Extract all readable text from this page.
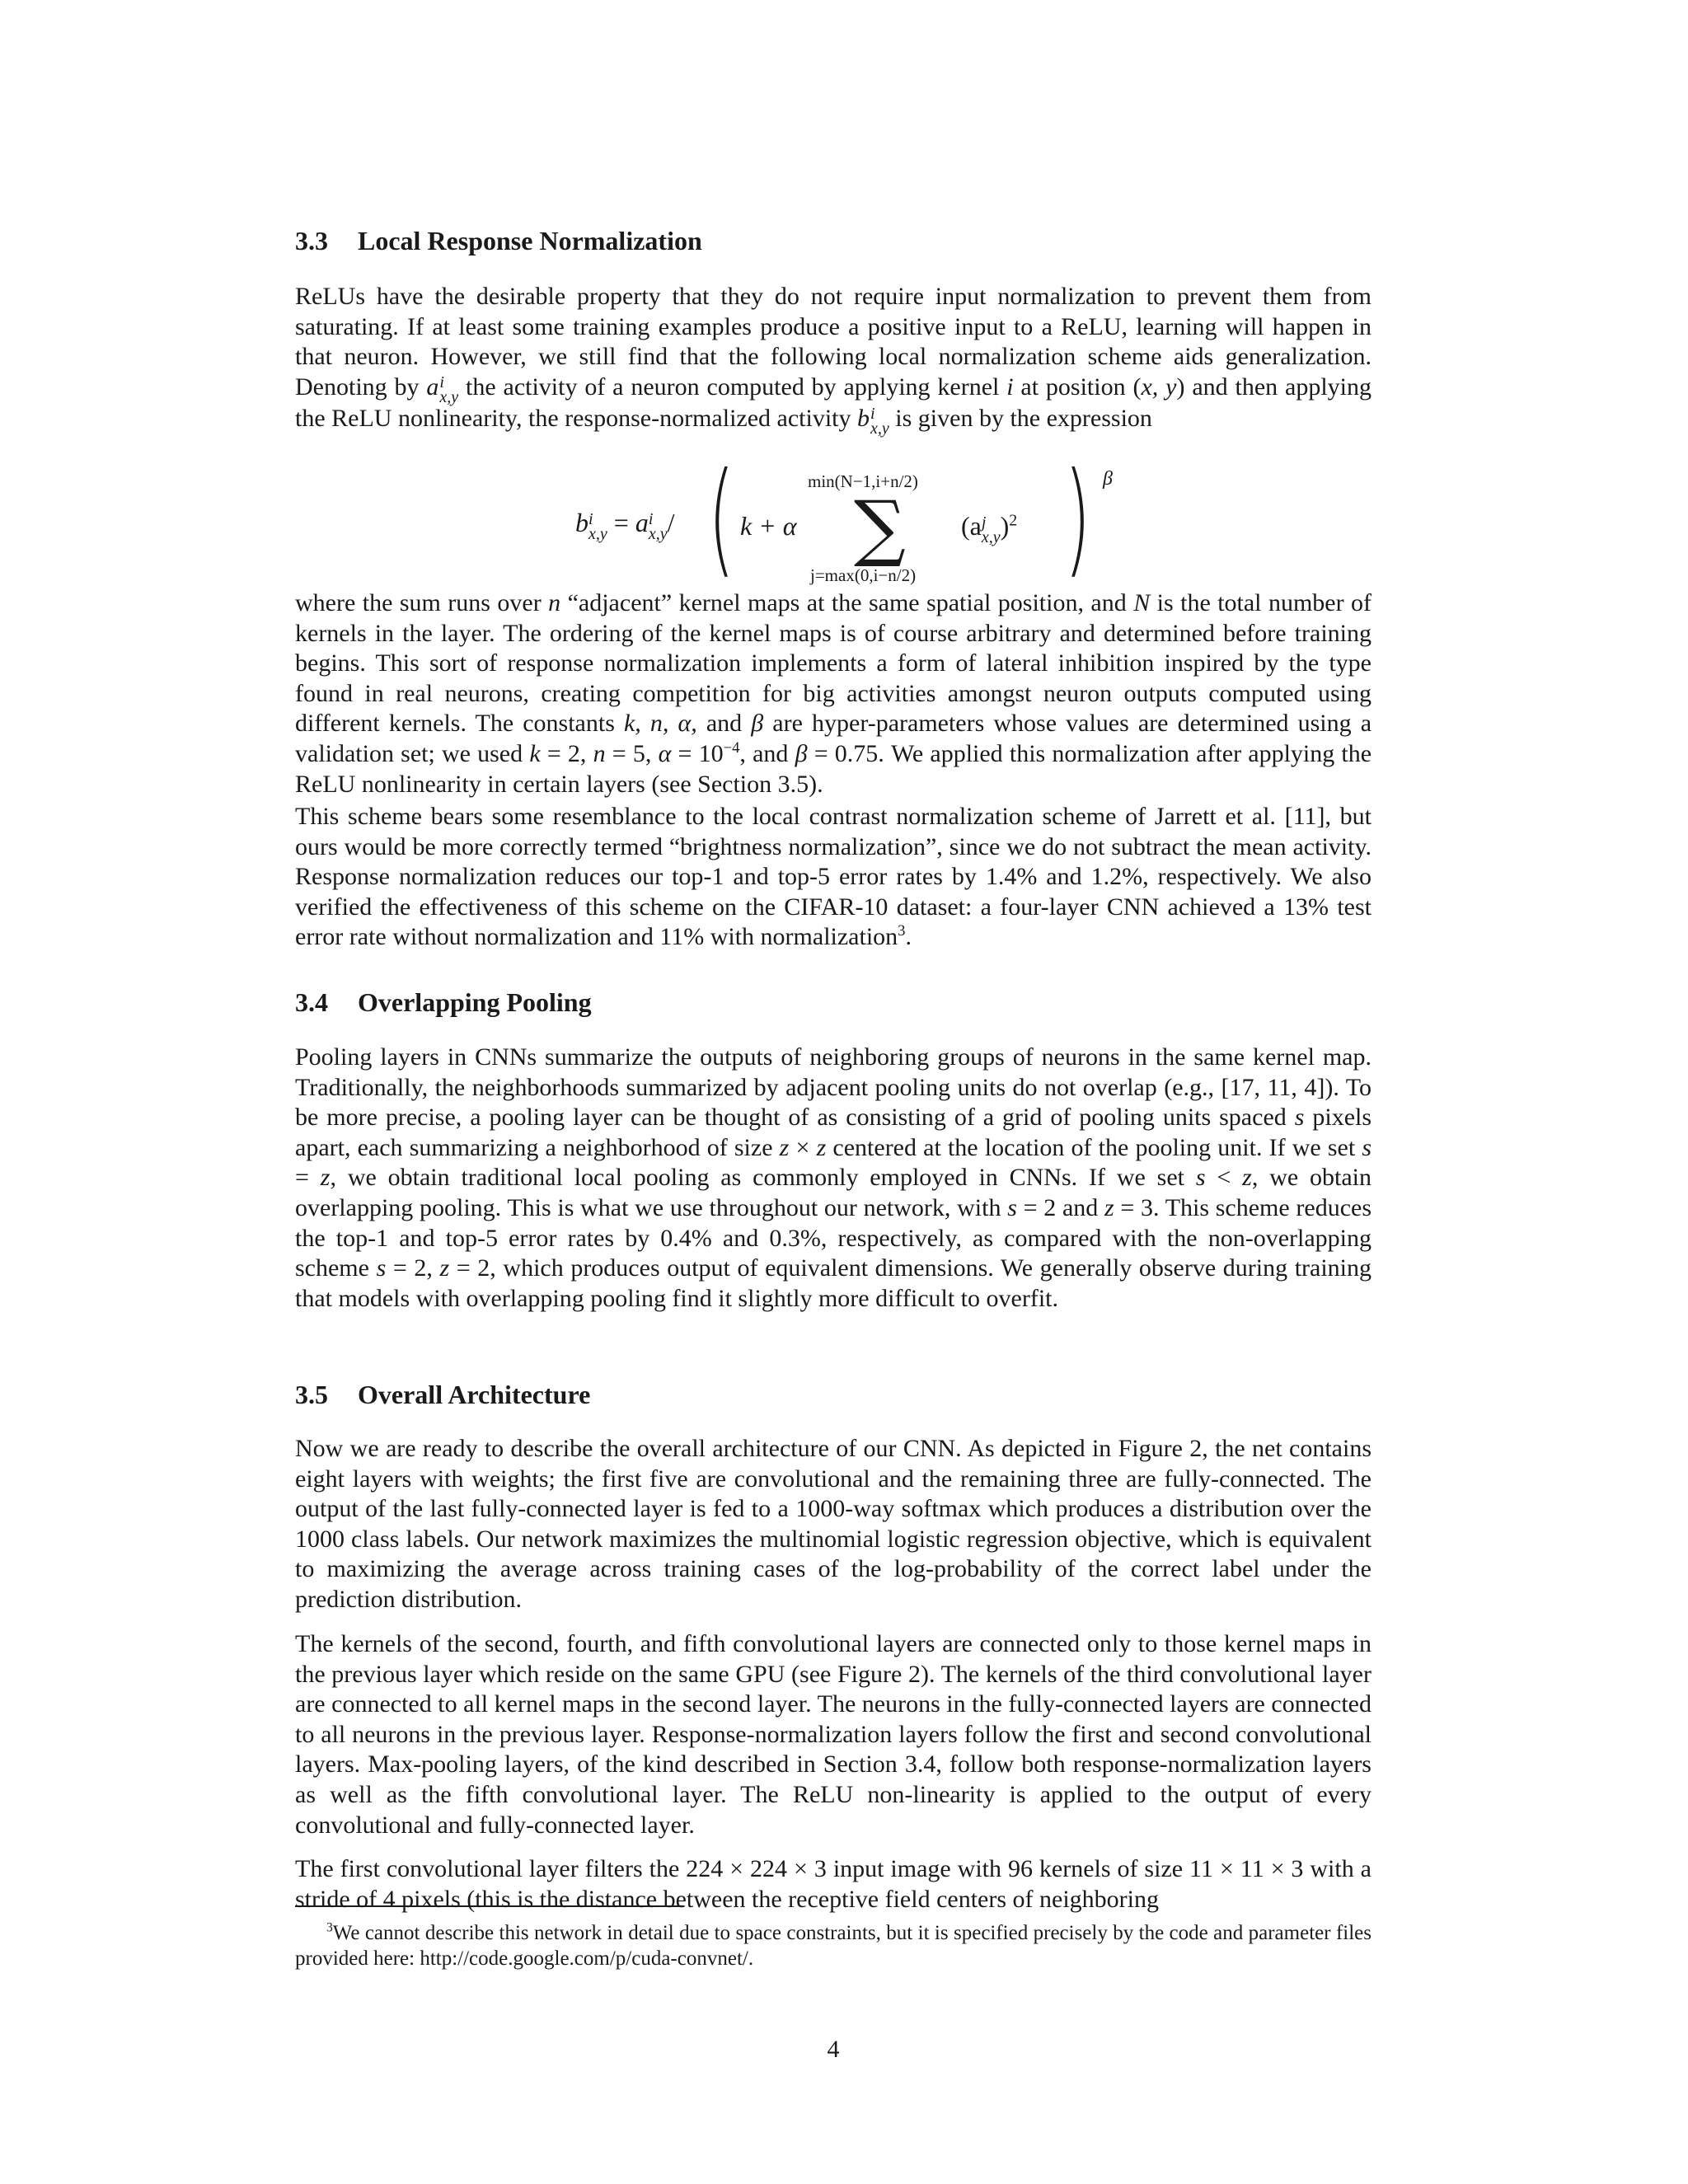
3.3 Local Response Normalization

ReLUs have the desirable property that they do not require input normalization to prevent them from saturating. If at least some training examples produce a positive input to a ReLU, learning will happen in that neuron. However, we still find that the following local normalization scheme aids generalization. Denoting by a i
x,y the activity of a neuron computed by applying kernel i at position (x, y) and then applying the ReLU nonlinearity, the response-normalized activity b i
x,y is given by the expression

b i
x,y = a i
x,y / ( k + α
min(N−1,i+n/2)
∑
j=max(0,i−n/2)
(a j
x,y )$^2$ ) β

where the sum runs over n “adjacent” kernel maps at the same spatial position, and N is the total number of kernels in the layer. The ordering of the kernel maps is of course arbitrary and determined before training begins. This sort of response normalization implements a form of lateral inhibition inspired by the type found in real neurons, creating competition for big activities amongst neuron outputs computed using different kernels. The constants k, n, α, and β are hyper-parameters whose values are determined using a validation set; we used k = 2, n = 5, $\alpha = 10^{-4}$, and β = 0.75. We applied this normalization after applying the ReLU nonlinearity in certain layers (see Section 3.5).

This scheme bears some resemblance to the local contrast normalization scheme of Jarrett et al. [11], but ours would be more correctly termed “brightness normalization”, since we do not subtract the mean activity. Response normalization reduces our top-1 and top-5 error rates by 1.4% and 1.2%, respectively. We also verified the effectiveness of this scheme on the CIFAR-10 dataset: a four-layer CNN achieved a 13% test error rate without normalization and 11% with normalization$^3$.

3.4 Overlapping Pooling

Pooling layers in CNNs summarize the outputs of neighboring groups of neurons in the same kernel map. Traditionally, the neighborhoods summarized by adjacent pooling units do not overlap (e.g., [17, 11, 4]). To be more precise, a pooling layer can be thought of as consisting of a grid of pooling units spaced s pixels apart, each summarizing a neighborhood of size z × z centered at the location of the pooling unit. If we set s = z, we obtain traditional local pooling as commonly employed in CNNs. If we set s < z, we obtain overlapping pooling. This is what we use throughout our network, with s = 2 and z = 3. This scheme reduces the top-1 and top-5 error rates by 0.4% and 0.3%, respectively, as compared with the non-overlapping scheme s = 2, z = 2, which produces output of equivalent dimensions. We generally observe during training that models with overlapping pooling find it slightly more difficult to overfit.

3.5 Overall Architecture

Now we are ready to describe the overall architecture of our CNN. As depicted in Figure 2, the net contains eight layers with weights; the first five are convolutional and the remaining three are fully-connected. The output of the last fully-connected layer is fed to a 1000-way softmax which produces a distribution over the 1000 class labels. Our network maximizes the multinomial logistic regression objective, which is equivalent to maximizing the average across training cases of the log-probability of the correct label under the prediction distribution.

The kernels of the second, fourth, and fifth convolutional layers are connected only to those kernel maps in the previous layer which reside on the same GPU (see Figure 2). The kernels of the third convolutional layer are connected to all kernel maps in the second layer. The neurons in the fully-connected layers are connected to all neurons in the previous layer. Response-normalization layers follow the first and second convolutional layers. Max-pooling layers, of the kind described in Section 3.4, follow both response-normalization layers as well as the fifth convolutional layer. The ReLU non-linearity is applied to the output of every convolutional and fully-connected layer.

The first convolutional layer filters the 224 × 224 × 3 input image with 96 kernels of size 11 × 11 × 3 with a stride of 4 pixels (this is the distance between the receptive field centers of neighboring

$^3$We cannot describe this network in detail due to space constraints, but it is specified precisely by the code and parameter files provided here: http://code.google.com/p/cuda-convnet/.
4
